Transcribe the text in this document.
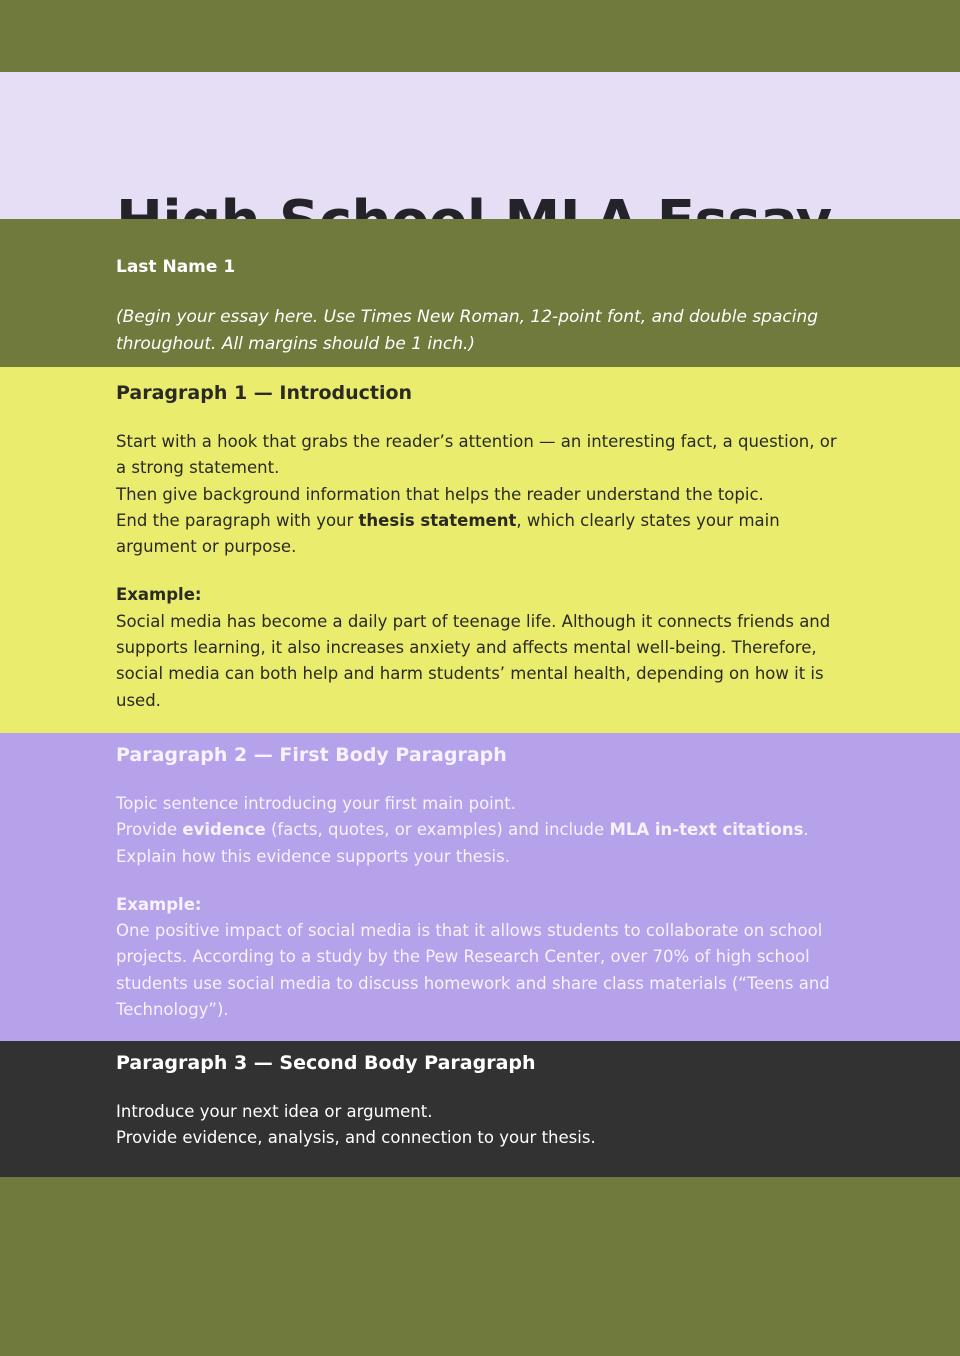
Last Name 1

(Begin your essay here. Use Times New Roman, 12-point font, and double spacing throughout. All margins should be 1 inch.)

Paragraph 1 — Introduction

Start with a hook that grabs the reader’s attention — an interesting fact, a question, or a strong statement.

Then give background information that helps the reader understand the topic.

End the paragraph with your thesis statement, which clearly states your main argument or purpose.

Example:

Social media has become a daily part of teenage life. Although it connects friends and supports learning, it also increases anxiety and affects mental well-being. Therefore, social media can both help and harm students’ mental health, depending on how it is used.

Paragraph 2 — First Body Paragraph

Topic sentence introducing your first main point.

Provide evidence (facts, quotes, or examples) and include MLA in-text citations.

Explain how this evidence supports your thesis.

Example:

One positive impact of social media is that it allows students to collaborate on school projects. According to a study by the Pew Research Center, over 70% of high school students use social media to discuss homework and share class materials (“Teens and Technology”).

Paragraph 3 — Second Body Paragraph

Introduce your next idea or argument.

Provide evidence, analysis, and connection to your thesis.
